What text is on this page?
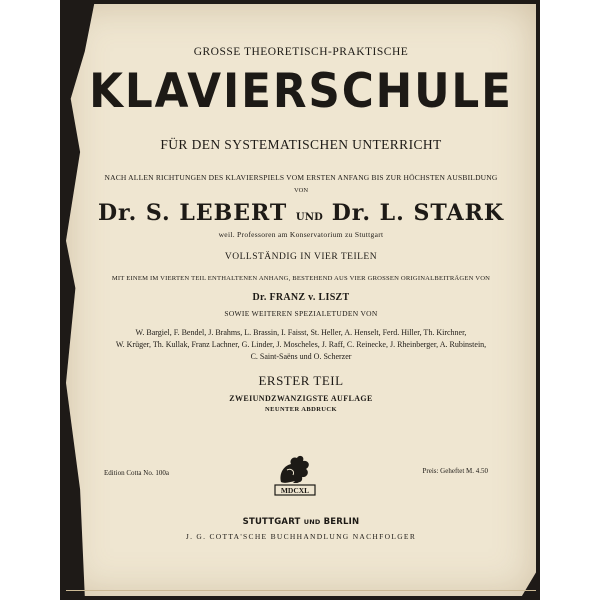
GROSSE THEORETISCH-PRAKTISCHE
KLAVIERSCHULE
FÜR DEN SYSTEMATISCHEN UNTERRICHT
NACH ALLEN RICHTUNGEN DES KLAVIERSPIELS VOM ERSTEN ANFANG BIS ZUR HÖCHSTEN AUSBILDUNG
VON
Dr. S. LEBERT UND Dr. L. STARK
weil. Professoren am Konservatorium zu Stuttgart
VOLLSTÄNDIG IN VIER TEILEN
MIT EINEM IM VIERTEN TEIL ENTHALTENEN ANHANG, BESTEHEND AUS VIER GROSSEN ORIGINALBEITRÄGEN VON
Dr. FRANZ v. LISZT
SOWIE WEITEREN SPEZIALETUDEN VON
W. Bargiel, F. Bendel, J. Brahms, L. Brassin, I. Faisst, St. Heller, A. Henselt, Ferd. Hiller, Th. Kirchner,
W. Krüger, Th. Kullak, Franz Lachner, G. Linder, J. Moscheles, J. Raff, C. Reinecke, J. Rheinberger, A. Rubinstein,
C. Saint-Saëns und O. Scherzer
ERSTER TEIL
ZWEIUNDZWANZIGSTE AUFLAGE
NEUNTER ABDRUCK
Edition Cotta No. 100a	Preis: Geheftet M. 4.50
MDCXL
STUTTGART UND BERLIN
J. G. COTTA'SCHE BUCHHANDLUNG NACHFOLGER
